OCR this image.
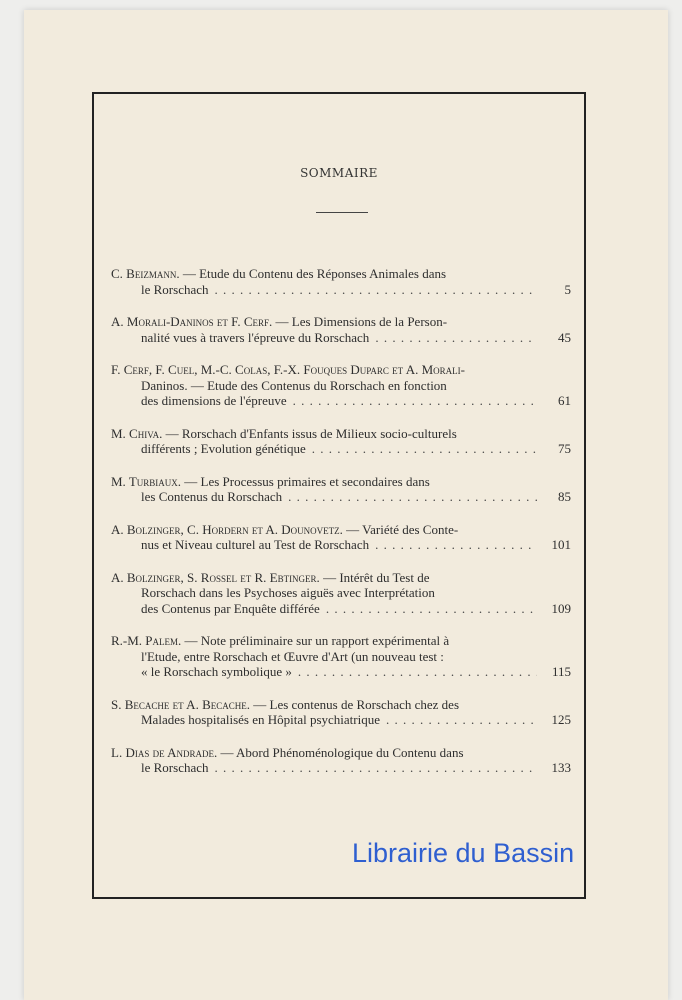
SOMMAIRE
C. Beizmann. — Etude du Contenu des Réponses Animales dans
le Rorschach . . .	5
A. Morali-Daninos et F. Cerf. — Les Dimensions de la Person-
nalité vues à travers l'épreuve du Rorschach . . .	45
F. Cerf, F. Cuel, M.-C. Colas, F.-X. Fouques Duparc et A. Morali-
Daninos. — Etude des Contenus du Rorschach en fonction
des dimensions de l'épreuve . . .	61
M. Chiva. — Rorschach d'Enfants issus de Milieux socio-culturels
différents ; Evolution génétique . . .	75
M. Turbiaux. — Les Processus primaires et secondaires dans
les Contenus du Rorschach . . .	85
A. Bolzinger, C. Hordern et A. Dounovetz. — Variété des Conte-
nus et Niveau culturel au Test de Rorschach . . .	101
A. Bolzinger, S. Rossel et R. Ebtinger. — Intérêt du Test de
Rorschach dans les Psychoses aiguës avec Interprétation
des Contenus par Enquête différée . . .	109
R.-M. Palem. — Note préliminaire sur un rapport expérimental à
l'Etude, entre Rorschach et Œuvre d'Art (un nouveau test :
« le Rorschach symbolique » . . .	115
S. Becache et A. Becache. — Les contenus de Rorschach chez des
Malades hospitalisés en Hôpital psychiatrique . . .	125
L. Dias de Andrade. — Abord Phénoménologique du Contenu dans
le Rorschach . . .	133
Librairie du Bassin
